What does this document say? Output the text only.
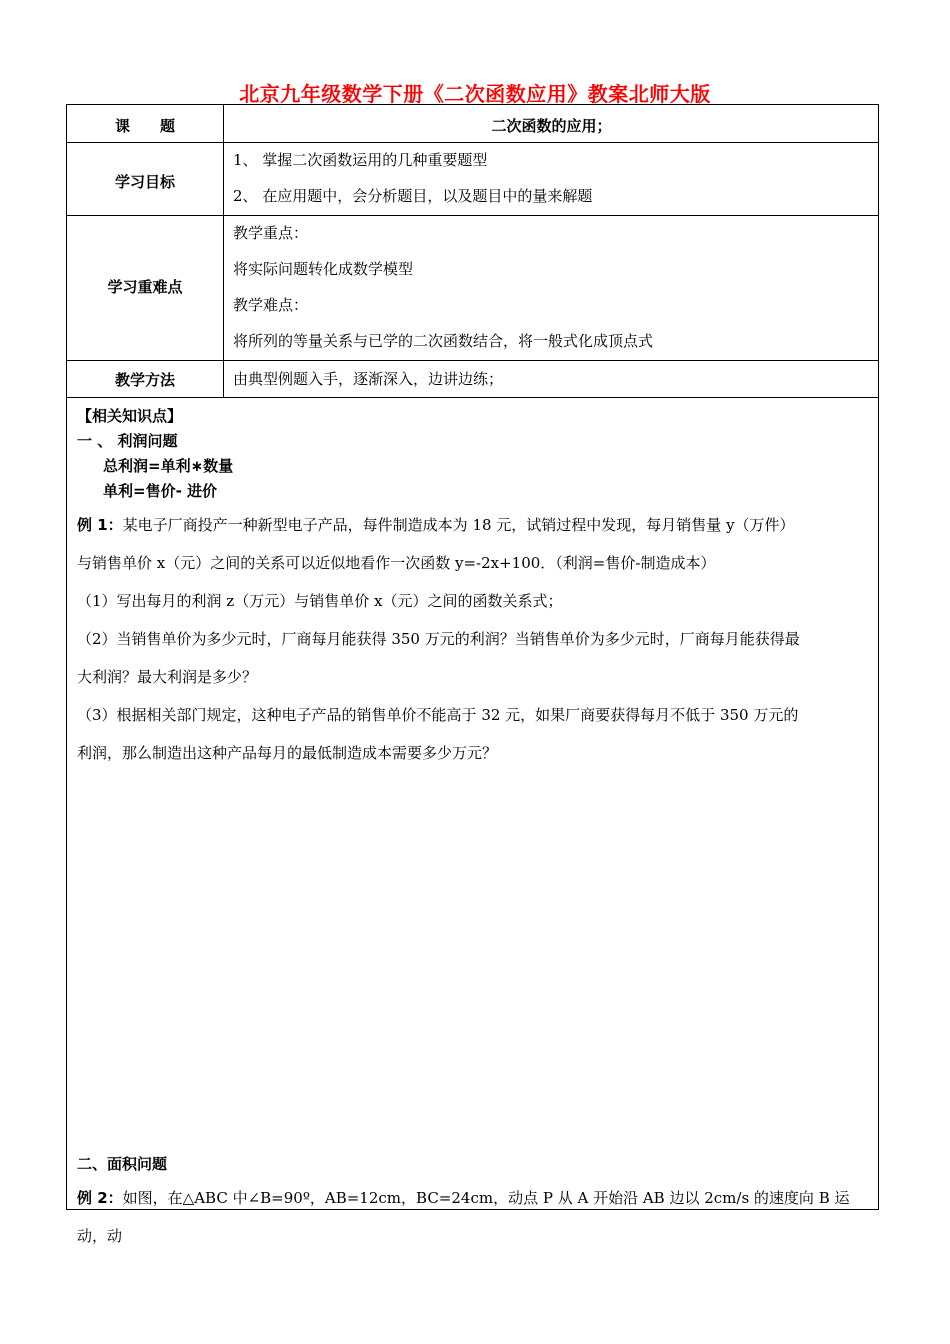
北京九年级数学下册《二次函数应用》教案北师大版
课　　题	二次函数的应用；
学习目标

1、 掌握二次函数运用的几种重要题型

2、 在应用题中，会分析题目，以及题目中的量来解题

学习重难点

教学重点：

将实际问题转化成数学模型

教学难点：

将所列的等量关系与已学的二次函数结合，将一般式化成顶点式

教学方法	由典型例题入手，逐渐深入，边讲边练；

【相关知识点】
一 、 利润问题
总利润=单利∗数量
单利=售价- 进价

例 1：某电子厂商投产一种新型电子产品，每件制造成本为 18 元，试销过程中发现，每月销售量 y（万件）

与销售单价 x（元）之间的关系可以近似地看作一次函数 y=-2x+100．（利润=售价-制造成本）

（1）写出每月的利润 z（万元）与销售单价 x（元）之间的函数关系式；

（2）当销售单价为多少元时，厂商每月能获得 350 万元的利润？当销售单价为多少元时，厂商每月能获得最

大利润？最大利润是多少？

（3）根据相关部门规定，这种电子产品的销售单价不能高于 32 元，如果厂商要获得每月不低于 350 万元的

利润，那么制造出这种产品每月的最低制造成本需要多少万元？

二、面积问题

例 2：如图，在△ABC 中∠B=90º，AB=12cm，BC=24cm，动点 P 从 A 开始沿 AB 边以 2cm/s 的速度向 B 运动，动
